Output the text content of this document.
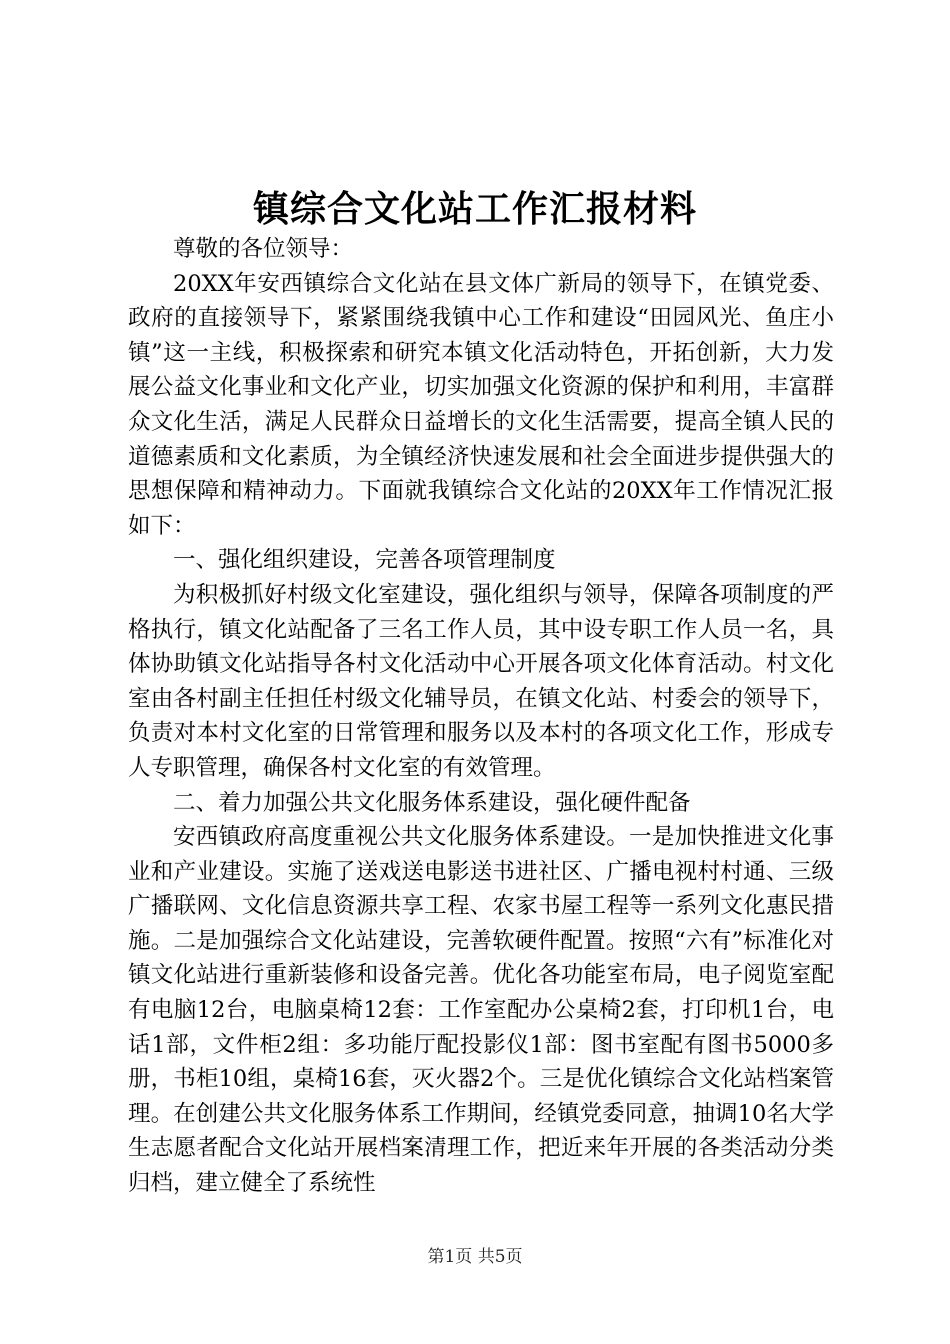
镇综合文化站工作汇报材料

尊敬的各位领导：

20XX年安西镇综合文化站在县文体广新局的领导下，在镇党委、政府的直接领导下，紧紧围绕我镇中心工作和建设“田园风光、鱼庄小镇”这一主线，积极探索和研究本镇文化活动特色，开拓创新，大力发展公益文化事业和文化产业，切实加强文化资源的保护和利用，丰富群众文化生活，满足人民群众日益增长的文化生活需要，提高全镇人民的道德素质和文化素质，为全镇经济快速发展和社会全面进步提供强大的思想保障和精神动力。下面就我镇综合文化站的20XX年工作情况汇报如下：

一、强化组织建设，完善各项管理制度

为积极抓好村级文化室建设，强化组织与领导，保障各项制度的严格执行，镇文化站配备了三名工作人员，其中设专职工作人员一名，具体协助镇文化站指导各村文化活动中心开展各项文化体育活动。村文化室由各村副主任担任村级文化辅导员，在镇文化站、村委会的领导下，负责对本村文化室的日常管理和服务以及本村的各项文化工作，形成专人专职管理，确保各村文化室的有效管理。

二、着力加强公共文化服务体系建设，强化硬件配备

安西镇政府高度重视公共文化服务体系建设。一是加快推进文化事业和产业建设。实施了送戏送电影送书进社区、广播电视村村通、三级广播联网、文化信息资源共享工程、农家书屋工程等一系列文化惠民措施。二是加强综合文化站建设，完善软硬件配置。按照“六有”标准化对镇文化站进行重新装修和设备完善。优化各功能室布局，电子阅览室配有电脑12台，电脑桌椅12套：工作室配办公桌椅2套，打印机1台，电话1部，文件柜2组：多功能厅配投影仪1部：图书室配有图书5000多册，书柜10组，桌椅16套，灭火器2个。三是优化镇综合文化站档案管理。在创建公共文化服务体系工作期间，经镇党委同意，抽调10名大学生志愿者配合文化站开展档案清理工作，把近来年开展的各类活动分类归档，建立健全了系统性

第1页 共5页
